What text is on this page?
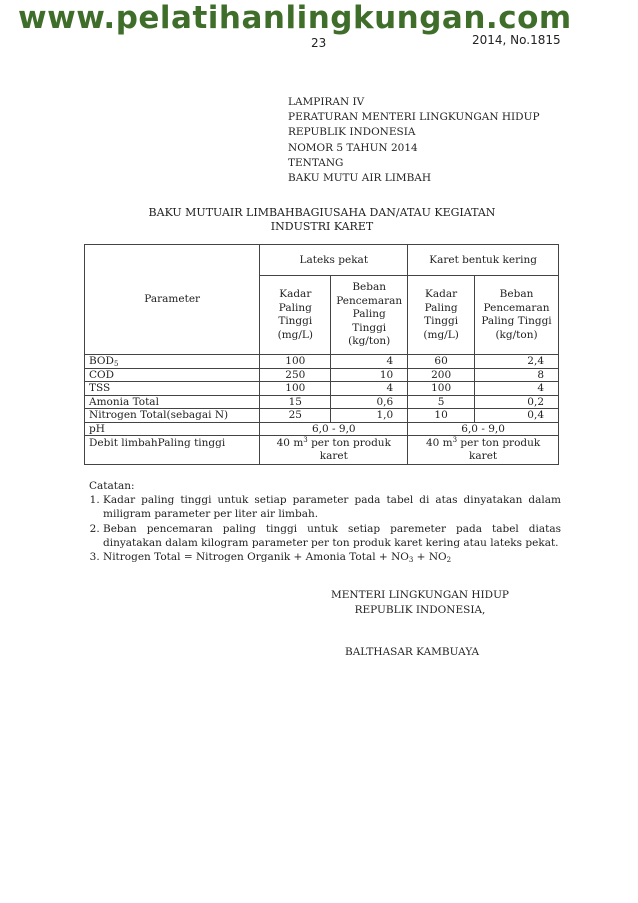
www.pelatihanlingkungan.com
23	2014, No.1815
LAMPIRAN IV
PERATURAN MENTERI LINGKUNGAN HIDUP
REPUBLIK INDONESIA
NOMOR 5 TAHUN 2014
TENTANG
BAKU MUTU AIR LIMBAH
BAKU MUTUAIR LIMBAHBAGIUSAHA DAN/ATAU KEGIATAN
INDUSTRI KARET
Parameter	Lateks pekat		Karet bentuk kering	
	Kadar Paling Tinggi (mg/L)	Beban Pencemaran Paling Tinggi (kg/ton)	Kadar Paling Tinggi (mg/L)	Beban Pencemaran Paling Tinggi (kg/ton)
$BOD_5$	100	4	60	2,4
COD	250	10	200	8
TSS	100	4	100	4
Amonia Total	15	0,6	5	0,2
Nitrogen Total(sebagai N)	25	1,0	10	0,4
pH	6,0 - 9,0		6,0 - 9,0	
Debit limbahPaling tinggi	40 $m^3$ per ton produk karet		40 $m^3$ per ton produk karet	
Catatan:
1. Kadar paling tinggi untuk setiap parameter pada tabel di atas dinyatakan dalam miligram parameter per liter air limbah.
2. Beban pencemaran paling tinggi untuk setiap paremeter pada tabel diatas dinyatakan dalam kilogram parameter per ton produk karet kering atau lateks pekat.
3. Nitrogen Total = Nitrogen Organik + Amonia Total + $NO_3 + NO_2$
MENTERI LINGKUNGAN HIDUP
REPUBLIK INDONESIA,
BALTHASAR KAMBUAYA
